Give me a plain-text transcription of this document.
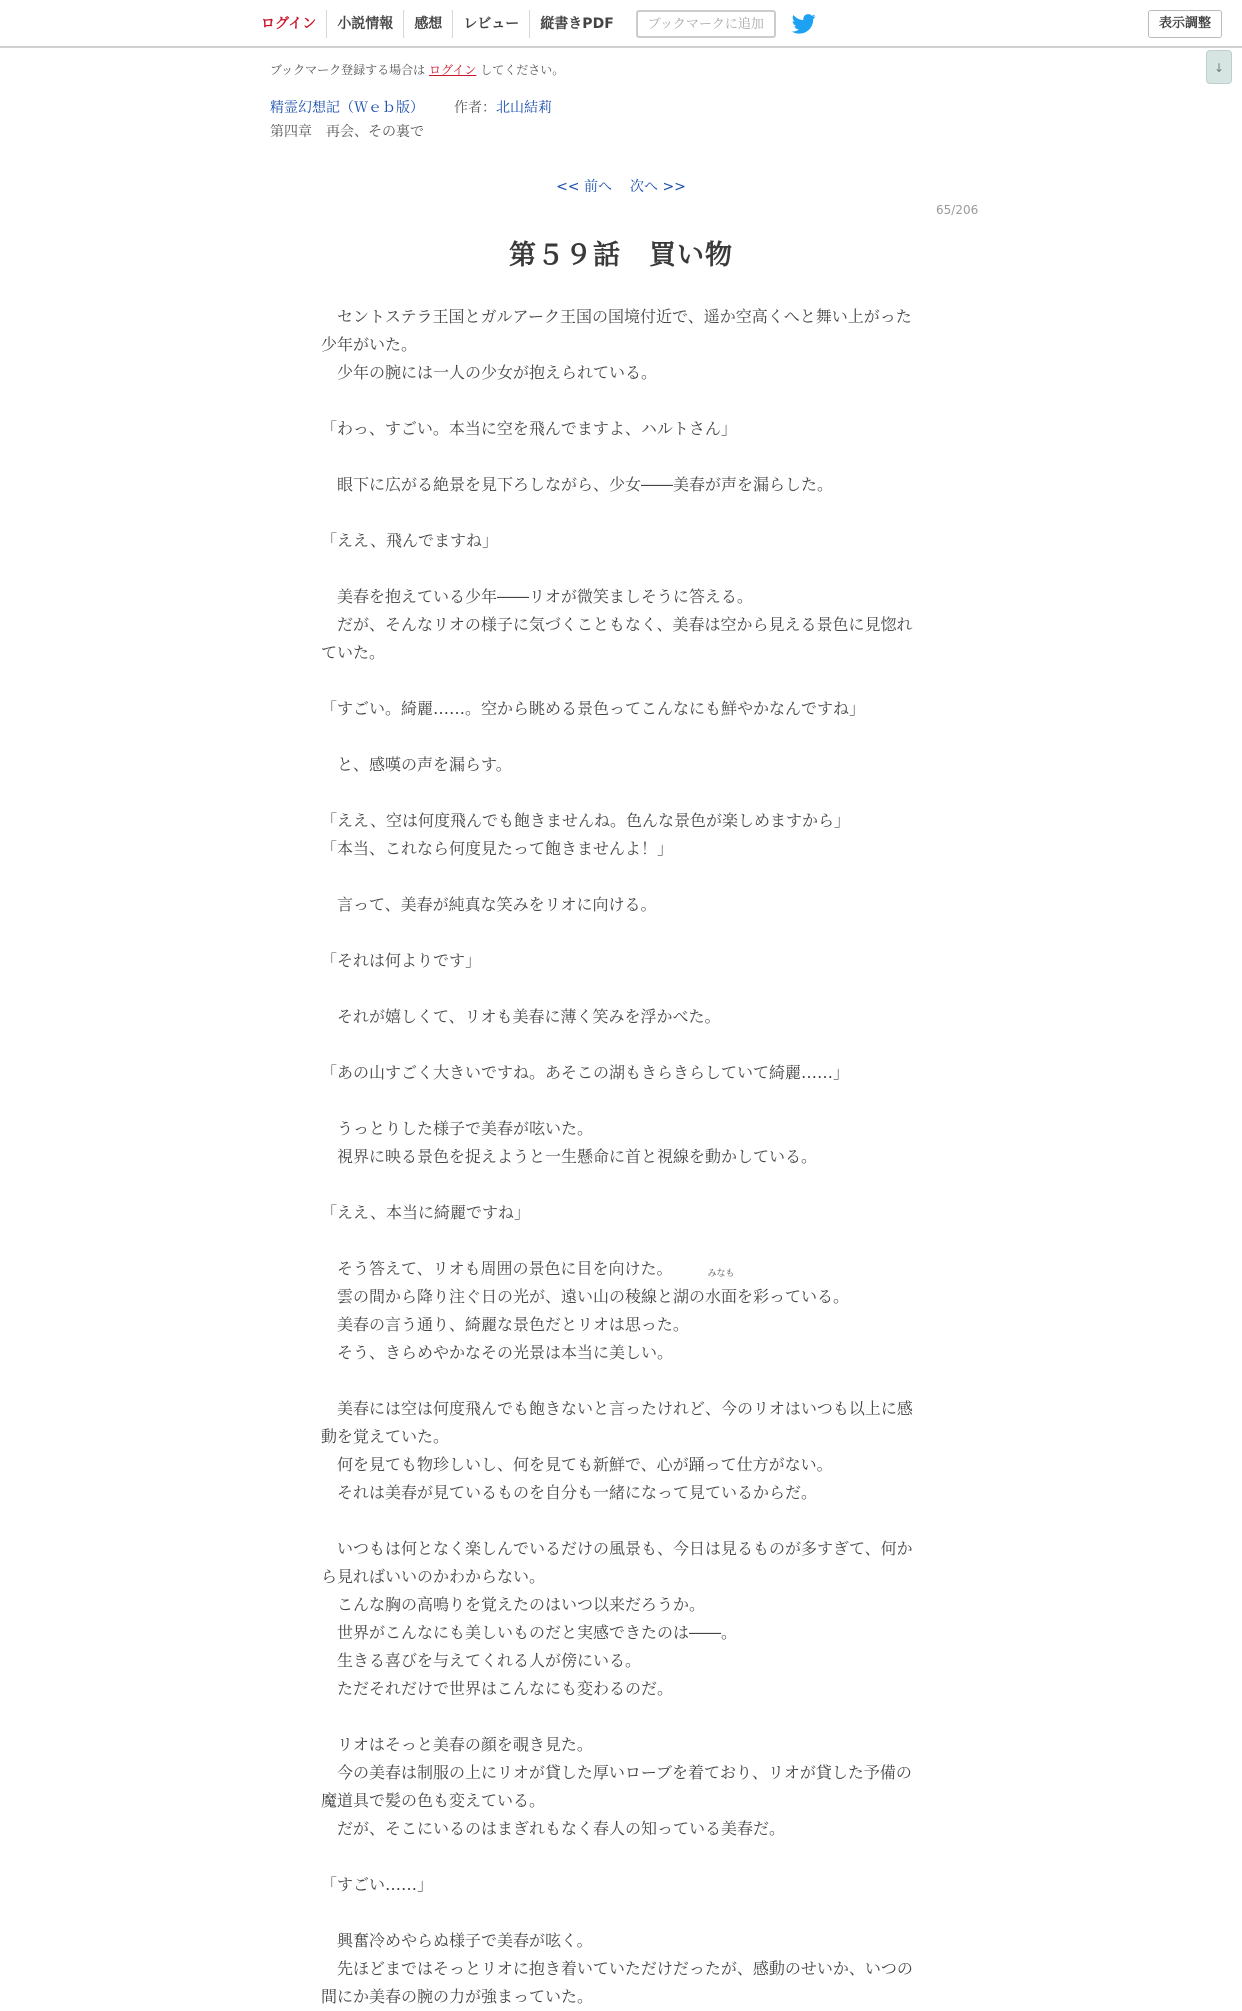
ログイン	小説情報	感想	レビュー	縦書きPDF	ブックマークに追加	表示調整
↓
ブックマーク登録する場合は ログイン してください。
精霊幻想記（Ｗｅｂ版） 作者：北山結莉
第四章　再会、その裏で
<< 前へ 次へ >>
65/206
第５９話　買い物

　セントステラ王国とガルアーク王国の国境付近で、遥か空高くへと舞い上がった少年がいた。

　少年の腕には一人の少女が抱えられている。

「わっ、すごい。本当に空を飛んでますよ、ハルトさん」

　眼下に広がる絶景を見下ろしながら、少女――美春が声を漏らした。

「ええ、飛んでますね」

　美春を抱えている少年――リオが微笑ましそうに答える。

　だが、そんなリオの様子に気づくこともなく、美春は空から見える景色に見惚れていた。

「すごい。綺麗……。空から眺める景色ってこんなにも鮮やかなんですね」

　と、感嘆の声を漏らす。

「ええ、空は何度飛んでも飽きませんね。色んな景色が楽しめますから」

「本当、これなら何度見たって飽きませんよ！」

　言って、美春が純真な笑みをリオに向ける。

「それは何よりです」

　それが嬉しくて、リオも美春に薄く笑みを浮かべた。

「あの山すごく大きいですね。あそこの湖もきらきらしていて綺麗……」

　うっとりした様子で美春が呟いた。

　視界に映る景色を捉えようと一生懸命に首と視線を動かしている。

「ええ、本当に綺麗ですね」

　そう答えて、リオも周囲の景色に目を向けた。

　雲の間から降り注ぐ日の光が、遠い山の稜線と湖の
みなも
水面を彩っている。

　美春の言う通り、綺麗な景色だとリオは思った。

　そう、きらめやかなその光景は本当に美しい。

　美春には空は何度飛んでも飽きないと言ったけれど、今のリオはいつも以上に感動を覚えていた。

　何を見ても物珍しいし、何を見ても新鮮で、心が踊って仕方がない。

　それは美春が見ているものを自分も一緒になって見ているからだ。

　いつもは何となく楽しんでいるだけの風景も、今日は見るものが多すぎて、何から見ればいいのかわからない。

　こんな胸の高鳴りを覚えたのはいつ以来だろうか。

　世界がこんなにも美しいものだと実感できたのは――。

　生きる喜びを与えてくれる人が傍にいる。

　ただそれだけで世界はこんなにも変わるのだ。

　リオはそっと美春の顔を覗き見た。

　今の美春は制服の上にリオが貸した厚いローブを着ており、リオが貸した予備の魔道具で髪の色も変えている。

　だが、そこにいるのはまぎれもなく春人の知っている美春だ。

「すごい……」

　興奮冷めやらぬ様子で美春が呟く。

　先ほどまではそっとリオに抱き着いていただけだったが、感動のせいか、いつの間にか美春の腕の力が強まっていた。
